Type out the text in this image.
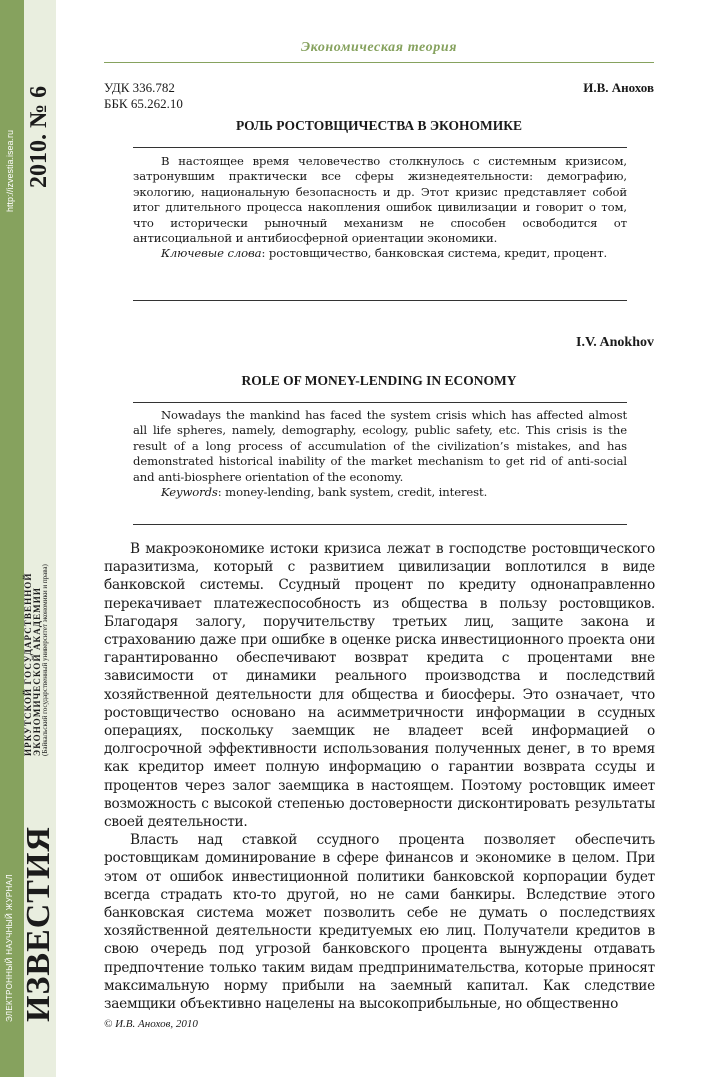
http://izvestia.isea.ru
ЭЛЕКТРОННЫЙ НАУЧНЫЙ ЖУРНАЛ
2010. № 6
ИЗВЕСТИЯ
ИРКУТСКОЙ ГОСУДАРСТВЕННОЙ ЭКОНОМИЧЕСКОЙ АКАДЕМИИ (Байкальский государственный университет экономики и права)
Экономическая теория
УДК 336.782
ББК 65.262.10
И.В. Анохов
РОЛЬ РОСТОВЩИЧЕСТВА В ЭКОНОМИКЕ

В настоящее время человечество столкнулось с системным кризисом, затронувшим практически все сферы жизнедеятельности: демографию, экологию, национальную безопасность и др. Этот кризис представляет собой итог длительного процесса накопления ошибок цивилизации и говорит о том, что исторически рыночный механизм не способен освободится от антисоциальной и антибиосферной ориентации экономики.

Ключевые слова: ростовщичество, банковская система, кредит, процент.

I.V. Anokhov
ROLE OF MONEY-LENDING IN ECONOMY

Nowadays the mankind has faced the system crisis which has affected almost all life spheres, namely, demography, ecology, public safety, etc. This crisis is the result of a long process of accumulation of the civilization’s mistakes, and has demonstrated historical inability of the market mechanism to get rid of anti-social and anti-biosphere orientation of the economy.

Keywords: money-lending, bank system, credit, interest.

В макроэкономике истоки кризиса лежат в господстве ростовщического паразитизма, который с развитием цивилизации воплотился в виде банковской системы. Ссудный процент по кредиту однонаправленно перекачивает платежеспособность из общества в пользу ростовщиков. Благодаря залогу, поручительству третьих лиц, защите закона и страхованию даже при ошибке в оценке риска инвестиционного проекта они гарантированно обеспечивают возврат кредита с процентами вне зависимости от динамики реального производства и последствий хозяйственной деятельности для общества и биосферы. Это означает, что ростовщичество основано на асимметричности информации в ссудных операциях, поскольку заемщик не владеет всей информацией о долгосрочной эффективности использования полученных денег, в то время как кредитор имеет полную информацию о гарантии возврата ссуды и процентов через залог заемщика в настоящем. Поэтому ростовщик имеет возможность с высокой степенью достоверности дисконтировать результаты своей деятельности.

Власть над ставкой ссудного процента позволяет обеспечить ростовщикам доминирование в сфере финансов и экономике в целом. При этом от ошибок инвестиционной политики банковской корпорации будет всегда страдать кто-то другой, но не сами банкиры. Вследствие этого банковская система может позволить себе не думать о последствиях хозяйственной деятельности кредитуемых ею лиц. Получатели кредитов в свою очередь под угрозой банковского процента вынуждены отдавать предпочтение только таким видам предпринимательства, которые приносят максимальную норму прибыли на заемный капитал. Как следствие заемщики объективно нацелены на высокоприбыльные, но общественно

© И.В. Анохов, 2010
